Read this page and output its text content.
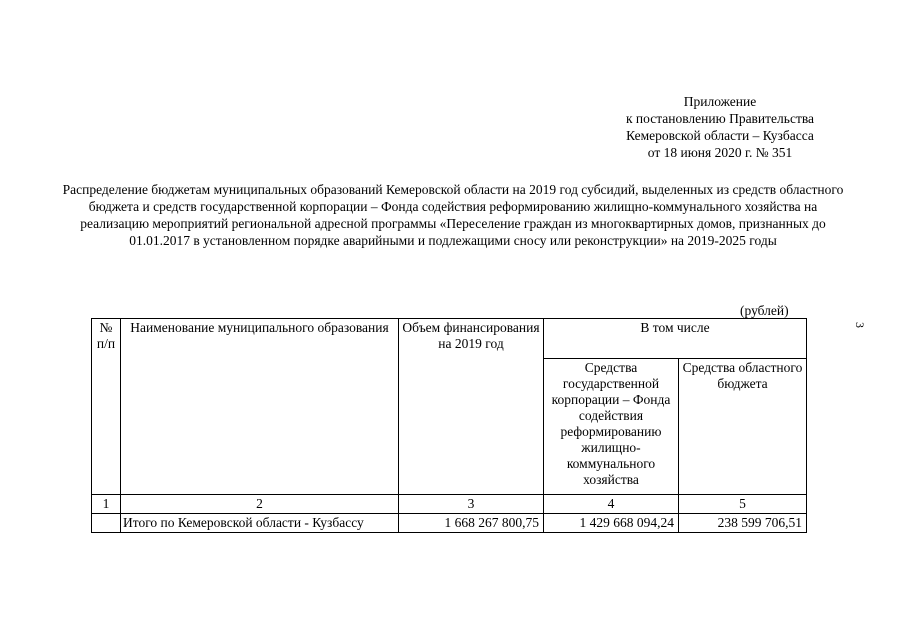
Приложение
к постановлению Правительства
Кемеровской области – Кузбасса
от 18 июня 2020 г. № 351
Распределение бюджетам муниципальных образований Кемеровской области на 2019 год субсидий, выделенных из средств областного бюджета и средств государственной корпорации – Фонда содействия реформированию жилищно-коммунального хозяйства на реализацию мероприятий региональной адресной программы «Переселение граждан из многоквартирных домов, признанных до 01.01.2017 в установленном порядке аварийными и подлежащими сносу или реконструкции» на 2019-2025 годы
(рублей)
3
№ п/п	Наименование муниципального образования	Объем финансирования на 2019 год	В том числе	
			Средства государственной корпорации – Фонда содействия реформированию жилищно-коммунального хозяйства	Средства областного бюджета
1	2	3	4	5
	Итого по Кемеровской области - Кузбассу	1 668 267 800,75	1 429 668 094,24	238 599 706,51
